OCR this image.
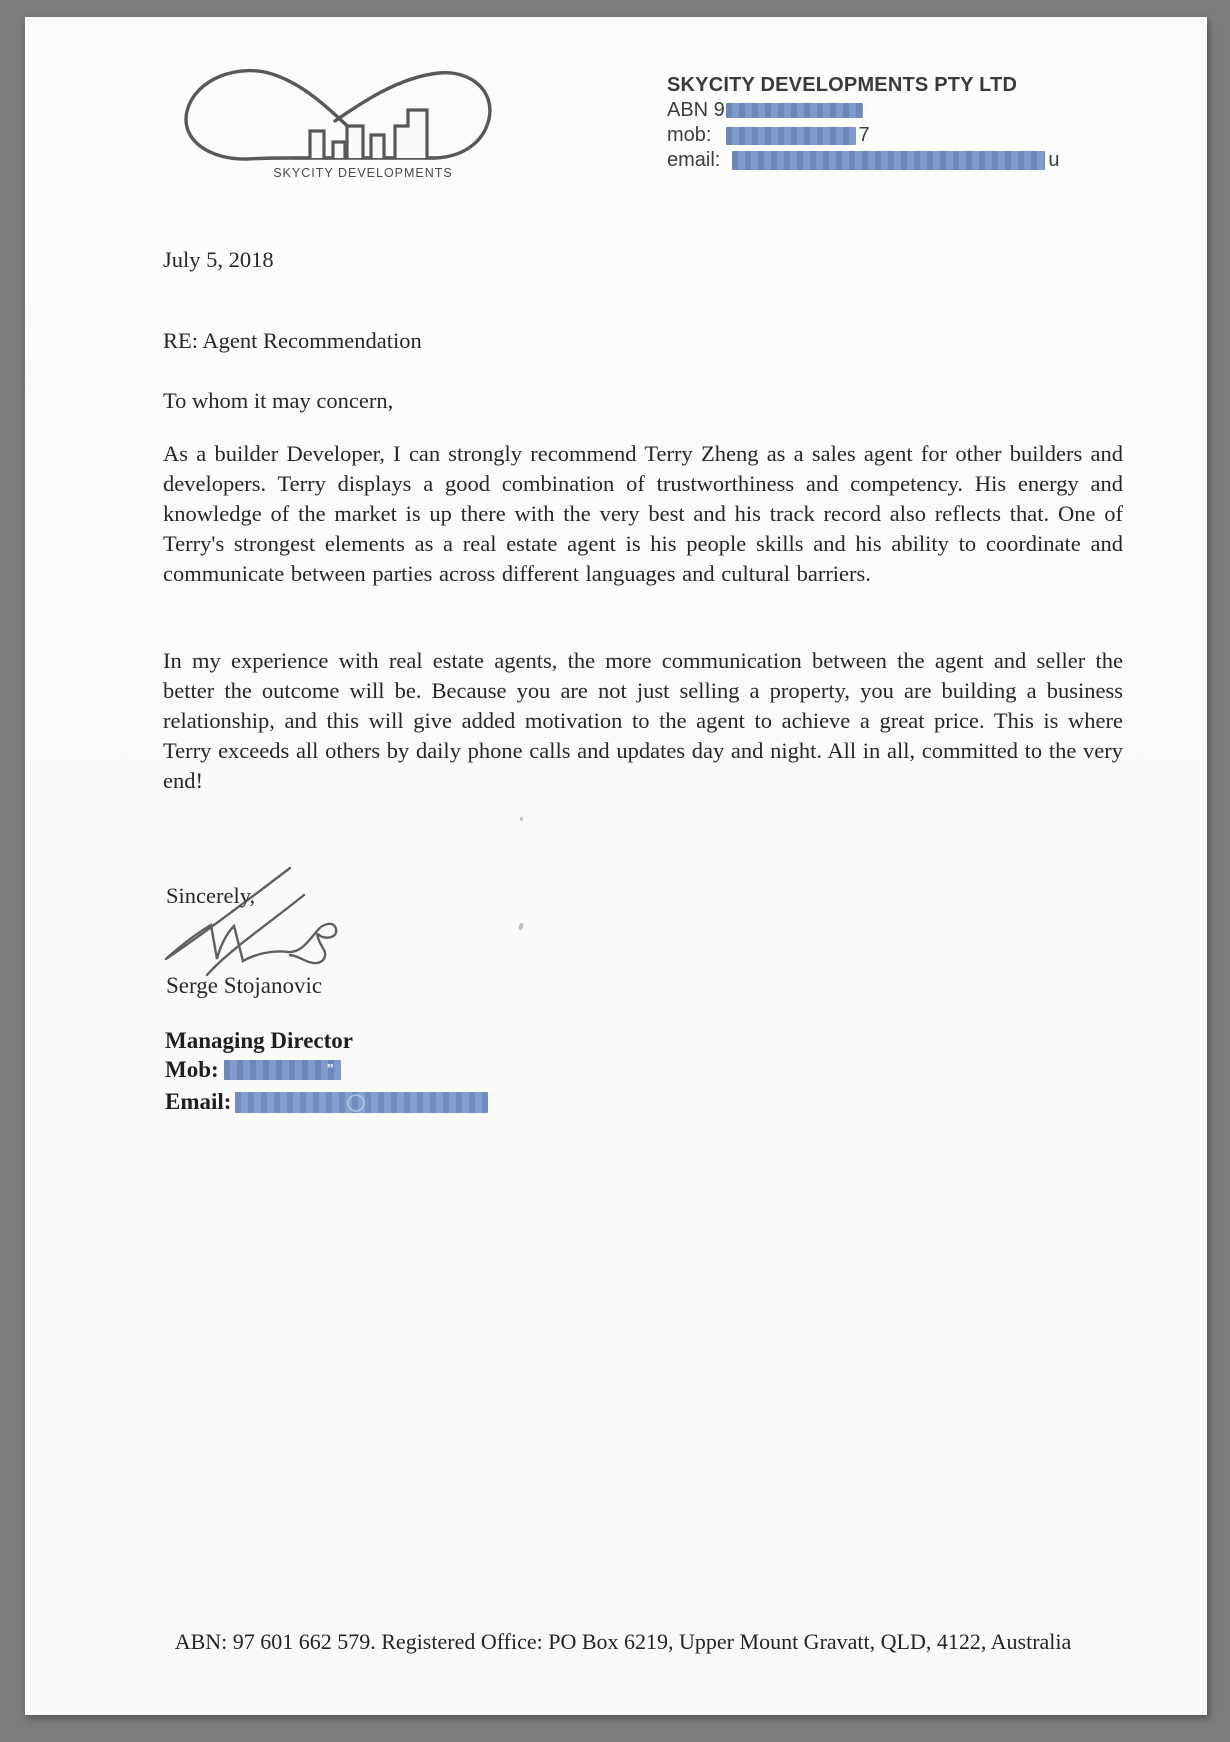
SKYCITY DEVELOPMENTS
SKYCITY DEVELOPMENTS PTY LTD
ABN 9
mob:	7
email:	u
July 5, 2018
RE: Agent Recommendation
To whom it may concern,
As a builder Developer, I can strongly recommend Terry Zheng as a sales agent for other builders and developers. Terry displays a good combination of trustworthiness and competency. His energy and knowledge of the market is up there with the very best and his track record also reflects that. One of Terry's strongest elements as a real estate agent is his people skills and his ability to coordinate and communicate between parties across different languages and cultural barriers.
In my experience with real estate agents, the more communication between the agent and seller the better the outcome will be. Because you are not just selling a property, you are building a business relationship, and this will give added motivation to the agent to achieve a great price. This is where Terry exceeds all others by daily phone calls and updates day and night. All in all, committed to the very end!
Sincerely,
Serge Stojanovic
Managing Director
Mob:	”
Email:
ABN: 97 601 662 579. Registered Office: PO Box 6219, Upper Mount Gravatt, QLD, 4122, Australia
